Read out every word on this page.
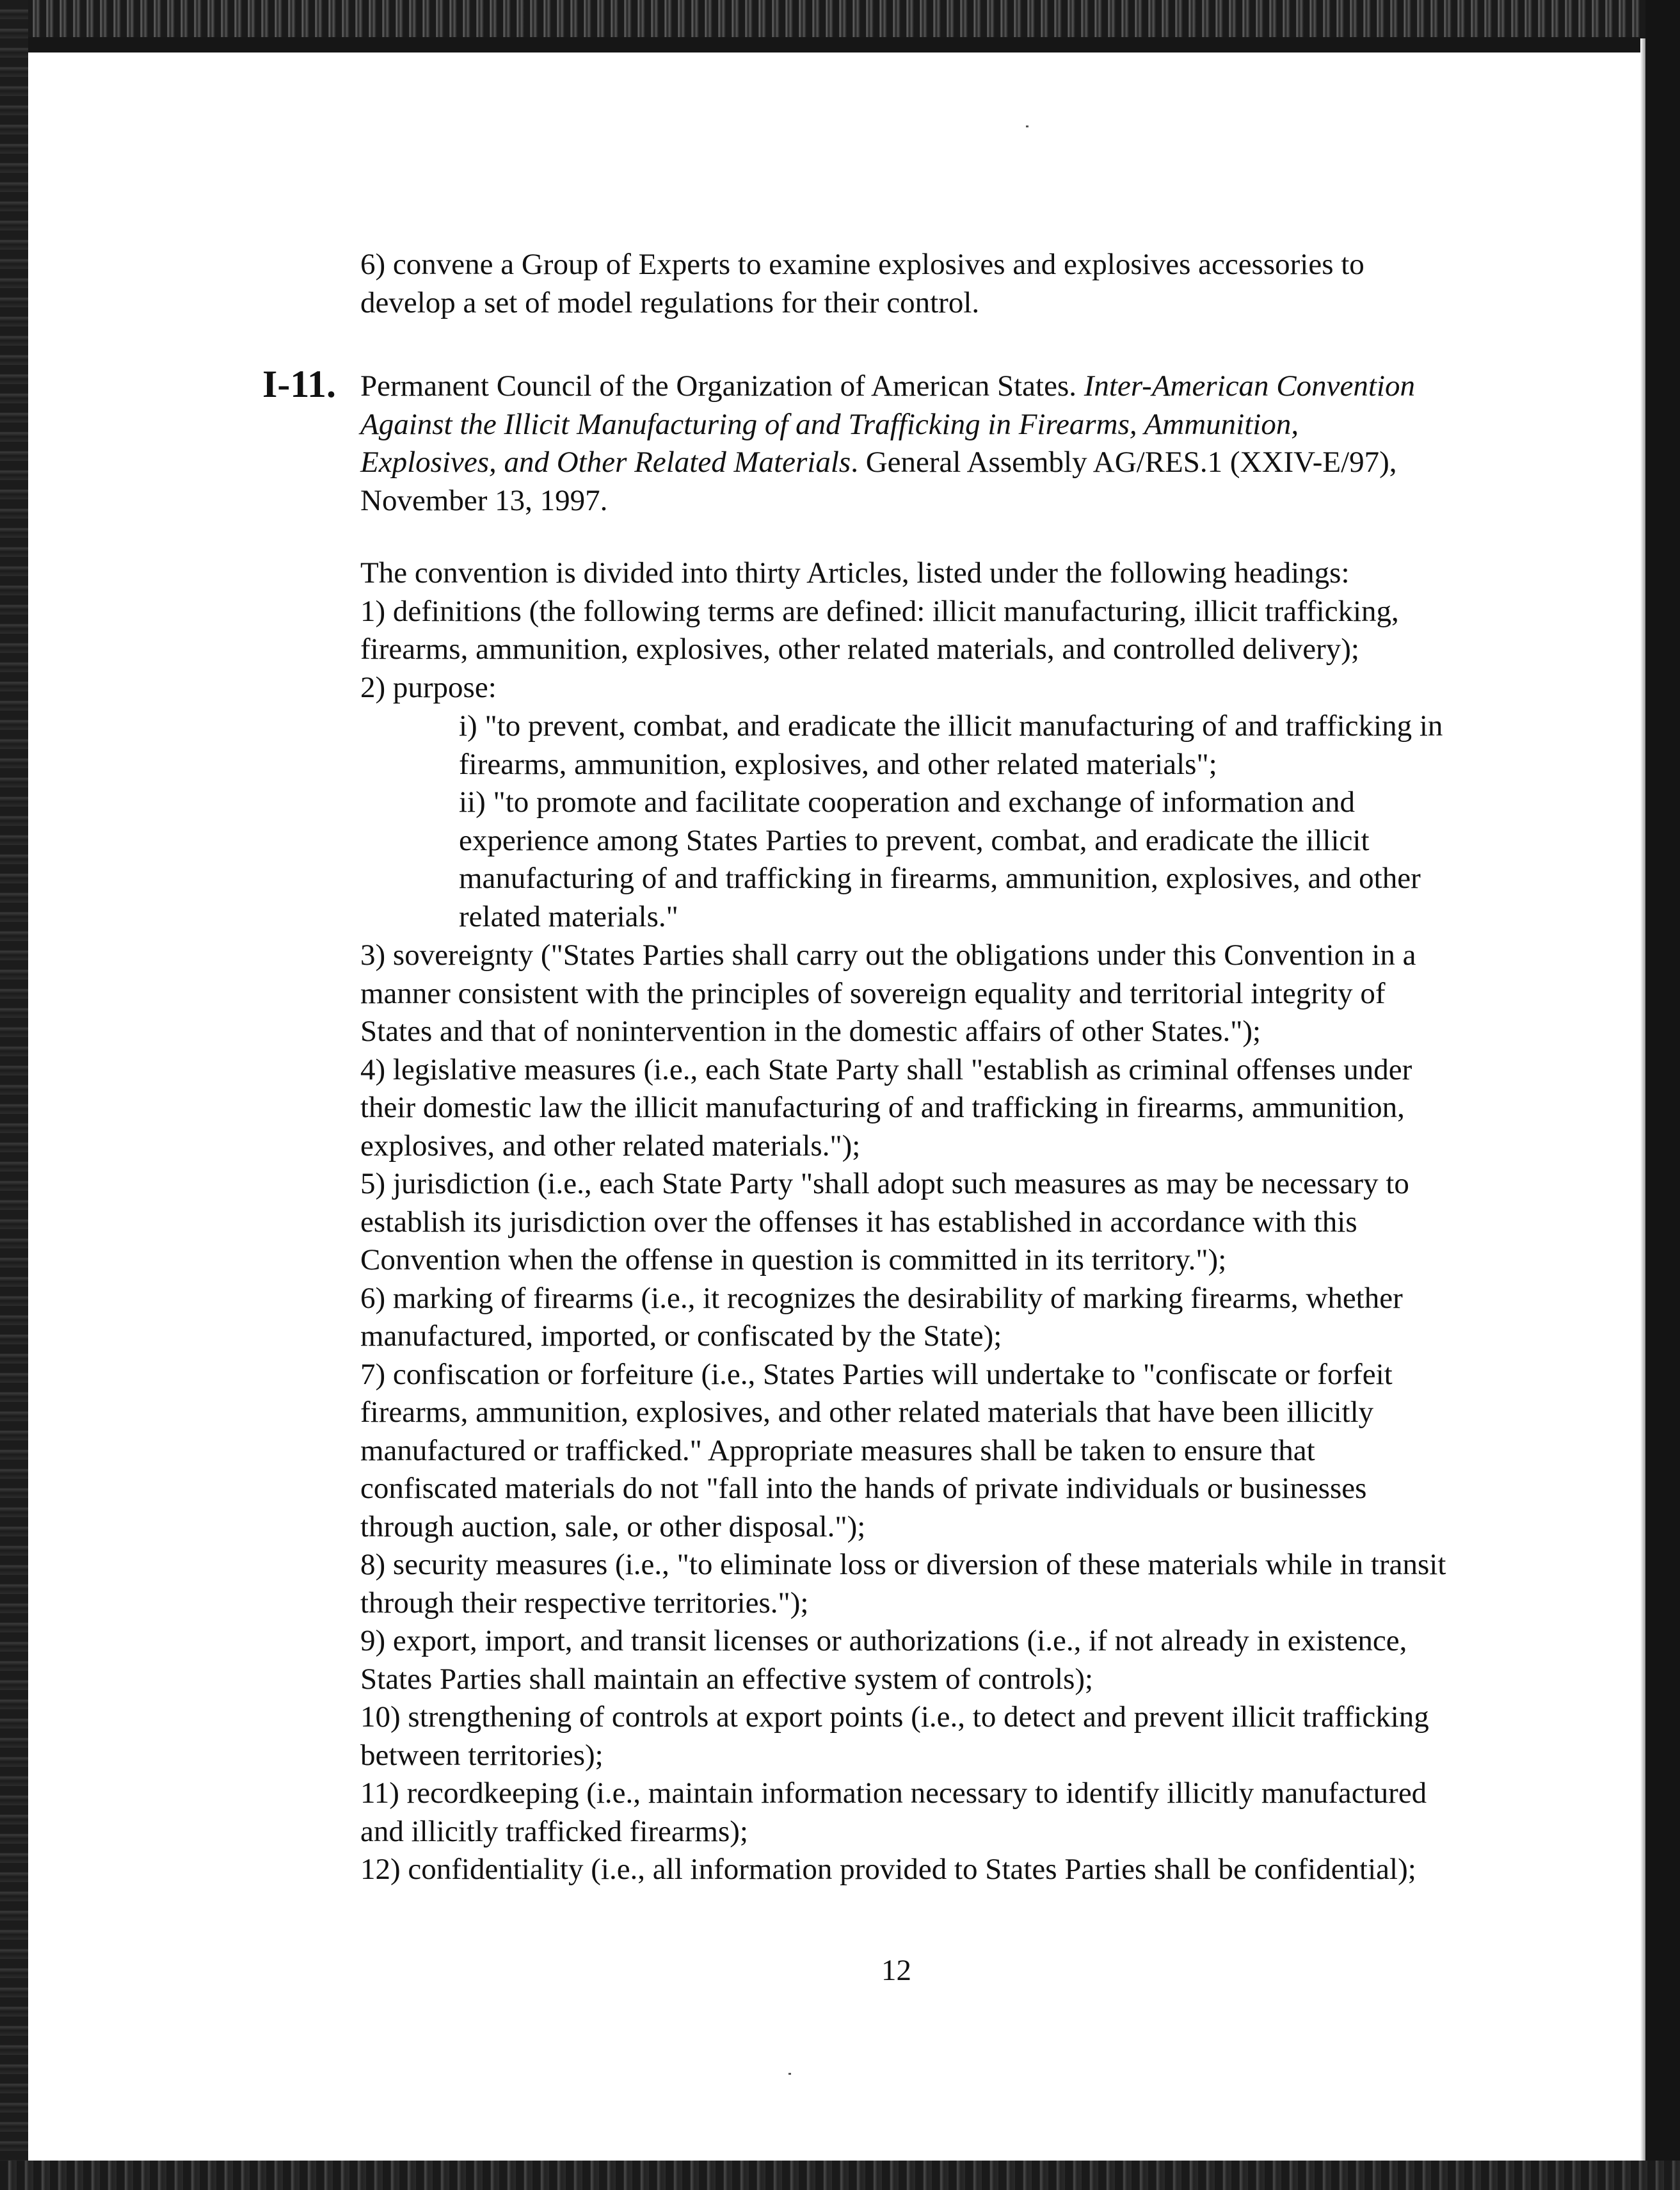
6) convene a Group of Experts to examine explosives and explosives accessories to
develop a set of model regulations for their control.
I-11. Permanent Council of the Organization of American States. Inter-American Convention
Against the Illicit Manufacturing of and Trafficking in Firearms, Ammunition,
Explosives, and Other Related Materials. General Assembly AG/RES.1 (XXIV-E/97),
November 13, 1997.
The convention is divided into thirty Articles, listed under the following headings:
1) definitions (the following terms are defined: illicit manufacturing, illicit trafficking,
firearms, ammunition, explosives, other related materials, and controlled delivery);
2) purpose:
i) "to prevent, combat, and eradicate the illicit manufacturing of and trafficking in
firearms, ammunition, explosives, and other related materials";
ii) "to promote and facilitate cooperation and exchange of information and
experience among States Parties to prevent, combat, and eradicate the illicit
manufacturing of and trafficking in firearms, ammunition, explosives, and other
related materials."
3) sovereignty ("States Parties shall carry out the obligations under this Convention in a
manner consistent with the principles of sovereign equality and territorial integrity of
States and that of nonintervention in the domestic affairs of other States.");
4) legislative measures (i.e., each State Party shall "establish as criminal offenses under
their domestic law the illicit manufacturing of and trafficking in firearms, ammunition,
explosives, and other related materials.");
5) jurisdiction (i.e., each State Party "shall adopt such measures as may be necessary to
establish its jurisdiction over the offenses it has established in accordance with this
Convention when the offense in question is committed in its territory.");
6) marking of firearms (i.e., it recognizes the desirability of marking firearms, whether
manufactured, imported, or confiscated by the State);
7) confiscation or forfeiture (i.e., States Parties will undertake to "confiscate or forfeit
firearms, ammunition, explosives, and other related materials that have been illicitly
manufactured or trafficked." Appropriate measures shall be taken to ensure that
confiscated materials do not "fall into the hands of private individuals or businesses
through auction, sale, or other disposal.");
8) security measures (i.e., "to eliminate loss or diversion of these materials while in transit
through their respective territories.");
9) export, import, and transit licenses or authorizations (i.e., if not already in existence,
States Parties shall maintain an effective system of controls);
10) strengthening of controls at export points (i.e., to detect and prevent illicit trafficking
between territories);
11) recordkeeping (i.e., maintain information necessary to identify illicitly manufactured
and illicitly trafficked firearms);
12) confidentiality (i.e., all information provided to States Parties shall be confidential);
12
